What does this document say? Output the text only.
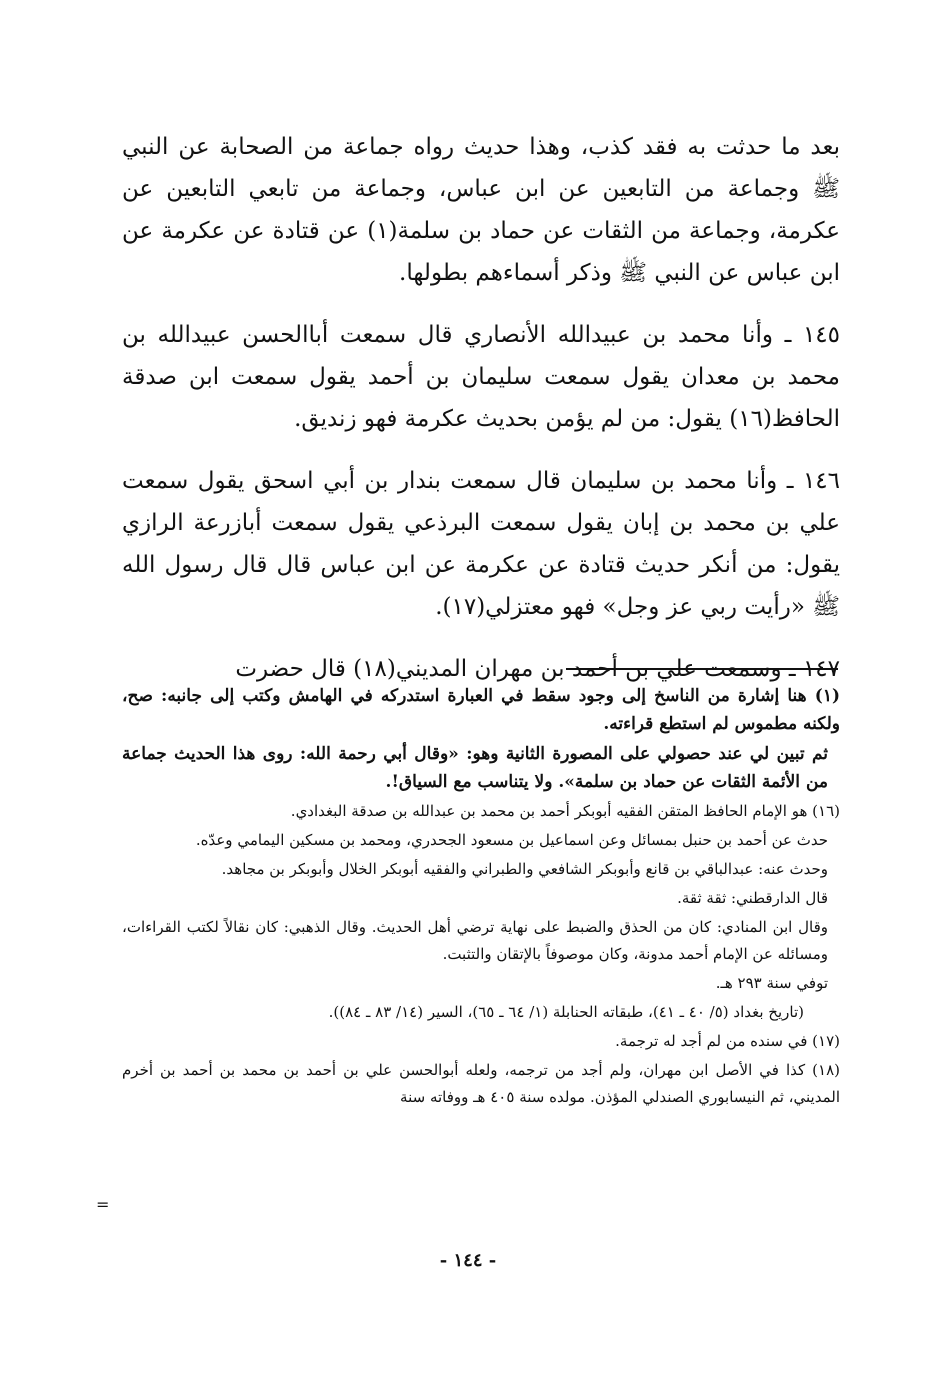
بعد ما حدثت به فقد كذب، وهذا حديث رواه جماعة من الصحابة عن النبي ﷺ وجماعة من التابعين عن ابن عباس، وجماعة من تابعي التابعين عن عكرمة، وجماعة من الثقات عن حماد بن سلمة(١) عن قتادة عن عكرمة عن ابن عباس عن النبي ﷺ وذكر أسماءهم بطولها.

١٤٥ ـ وأنا محمد بن عبيدالله الأنصاري قال سمعت أباالحسن عبيدالله بن محمد بن معدان يقول سمعت سليمان بن أحمد يقول سمعت ابن صدقة الحافظ(١٦) يقول: من لم يؤمن بحديث عكرمة فهو زنديق.

١٤٦ ـ وأنا محمد بن سليمان قال سمعت بندار بن أبي اسحق يقول سمعت علي بن محمد بن إبان يقول سمعت البرذعي يقول سمعت أبازرعة الرازي يقول: من أنكر حديث قتادة عن عكرمة عن ابن عباس قال قال رسول الله ﷺ «رأيت ربي عز وجل» فهو معتزلي(١٧).

١٤٧ ـ وسمعت علي بن أحمد بن مهران المديني(١٨) قال حضرت

(١) هنا إشارة من الناسخ إلى وجود سقط في العبارة استدركه في الهامش وكتب إلى جانبه: صح، ولكنه مطموس لم استطع قراءته.

ثم تبين لي عند حصولي على المصورة الثانية وهو: «وقال أبي رحمة الله: روى هذا الحديث جماعة من الأئمة الثقات عن حماد بن سلمة». ولا يتناسب مع السياق!.

(١٦) هو الإمام الحافظ المتقن الفقيه أبوبكر أحمد بن محمد بن عبدالله بن صدقة البغدادي.

حدث عن أحمد بن حنبل بمسائل وعن اسماعيل بن مسعود الجحدري، ومحمد بن مسكين اليمامي وعدّه.

وحدث عنه: عبدالباقي بن قانع وأبوبكر الشافعي والطبراني والفقيه أبوبكر الخلال وأبوبكر بن مجاهد.

قال الدارقطني: ثقة ثقة.

وقال ابن المنادي: كان من الحذق والضبط على نهاية ترضي أهل الحديث. وقال الذهبي: كان نقالاً لكتب القراءات، ومسائله عن الإمام أحمد مدونة، وكان موصوفاً بالإتقان والتثبت.

توفي سنة ٢٩٣ هـ.

(تاريخ بغداد (٥/ ٤٠ ـ ٤١)، طبقاته الحنابلة (١/ ٦٤ ـ ٦٥)، السير (١٤/ ٨٣ ـ ٨٤)).

(١٧) في سنده من لم أجد له ترجمة.

(١٨) كذا في الأصل ابن مهران، ولم أجد من ترجمه، ولعله أبوالحسن علي بن أحمد بن محمد بن أحمد بن أخرم المديني، ثم النيسابوري الصندلي المؤذن. مولده سنة ٤٠٥ هـ ووفاته سنة

=
- ١٤٤ -
